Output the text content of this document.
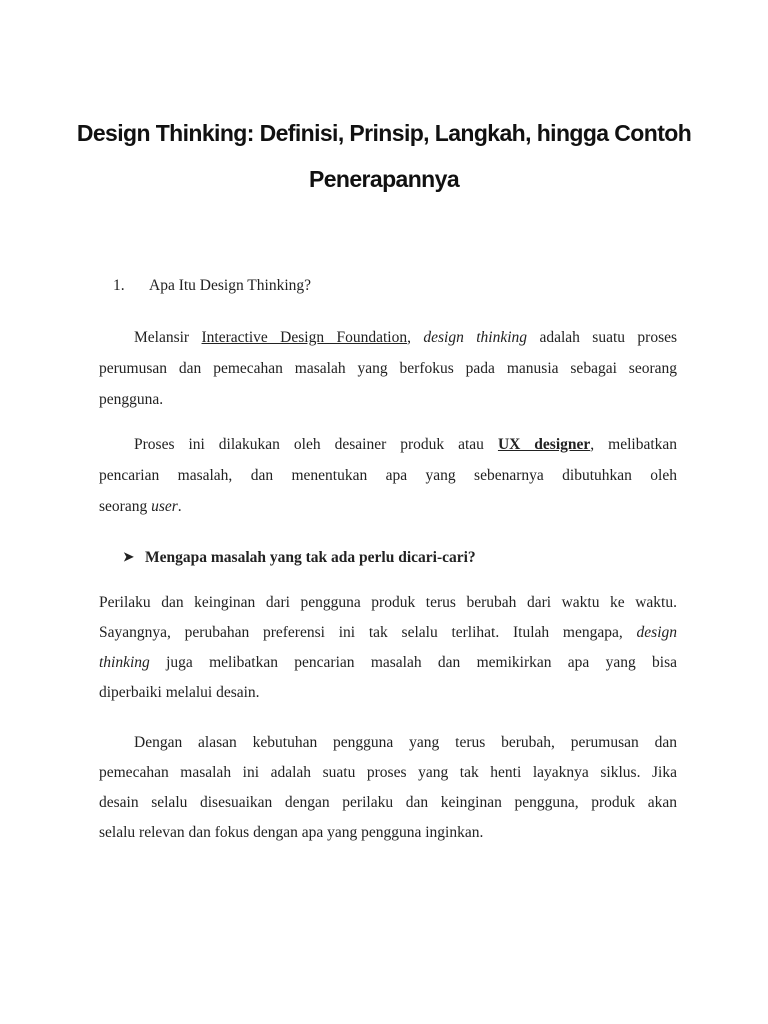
Design Thinking: Definisi, Prinsip, Langkah, hingga Contoh
Penerapannya
1. Apa Itu Design Thinking?
Melansir Interactive Design Foundation, design thinking adalah suatu proses
perumusan dan pemecahan masalah yang berfokus pada manusia sebagai seorang
pengguna.
Proses ini dilakukan oleh desainer produk atau UX designer, melibatkan
pencarian masalah, dan menentukan apa yang sebenarnya dibutuhkan oleh
seorang user.
➤ Mengapa masalah yang tak ada perlu dicari-cari?
Perilaku dan keinginan dari pengguna produk terus berubah dari waktu ke waktu.
Sayangnya, perubahan preferensi ini tak selalu terlihat. Itulah mengapa, design
thinking juga melibatkan pencarian masalah dan memikirkan apa yang bisa
diperbaiki melalui desain.
Dengan alasan kebutuhan pengguna yang terus berubah, perumusan dan
pemecahan masalah ini adalah suatu proses yang tak henti layaknya siklus. Jika
desain selalu disesuaikan dengan perilaku dan keinginan pengguna, produk akan
selalu relevan dan fokus dengan apa yang pengguna inginkan.
